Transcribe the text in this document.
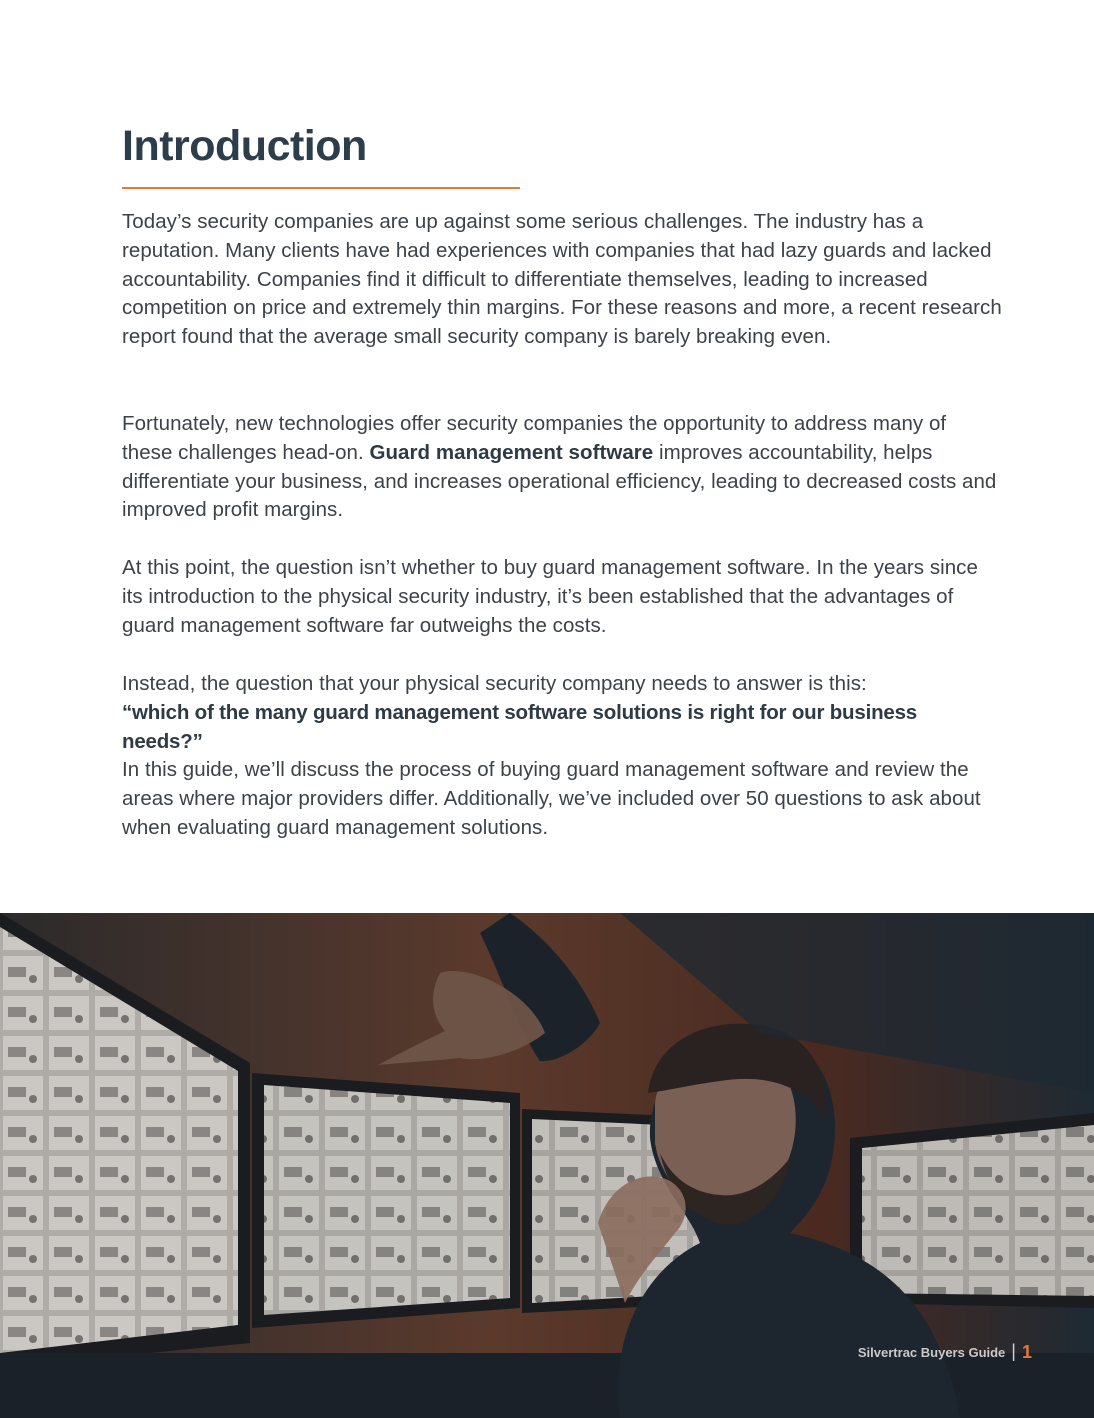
Introduction

Today’s security companies are up against some serious challenges. The industry has a reputation. Many clients have had experiences with companies that had lazy guards and lacked accountability. Companies find it difficult to differentiate themselves, leading to increased competition on price and extremely thin margins. For these reasons and more, a recent research report found that the average small security company is barely breaking even.

Fortunately, new technologies offer security companies the opportunity to address many of these challenges head-on. Guard management software improves accountability, helps differentiate your business, and increases operational efficiency, leading to decreased costs and improved profit margins.

At this point, the question isn’t whether to buy guard management software. In the years since its introduction to the physical security industry, it’s been established that the advantages of guard management software far outweighs the costs.

Instead, the question that your physical security company needs to answer is this:
“which of the many guard management software solutions is right for our business needs?”

In this guide, we’ll discuss the process of buying guard management software and review the areas where major providers differ. Additionally, we’ve included over 50 questions to ask about when evaluating guard management solutions.

Silvertrac Buyers Guide | 1
